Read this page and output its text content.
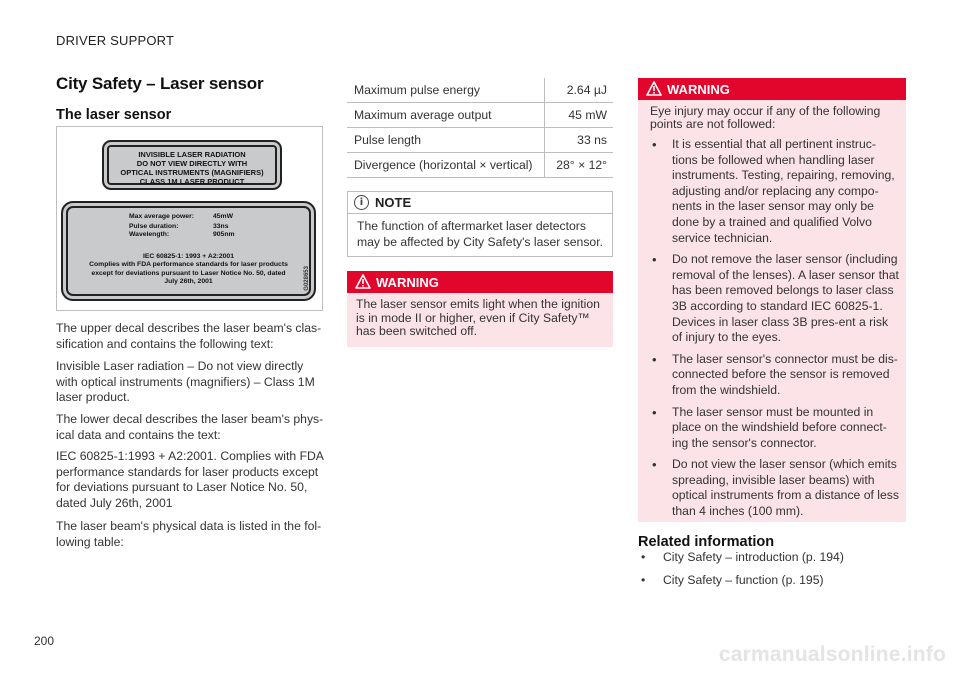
DRIVER SUPPORT
City Safety – Laser sensor
The laser sensor
INVISIBLE LASER RADIATION
DO NOT VIEW DIRECTLY WITH
OPTICAL INSTRUMENTS (MAGNIFIERS)
CLASS 1M LASER PRODUCT
Max average power:	45mW
Pulse duration:	33ns
Wavelength:	905nm
IEC 60825-1: 1993 + A2:2001
Complies with FDA performance standards for laser products
except for deviations pursuant to Laser Notice No. 50, dated
July 26th, 2001	G028653
The upper decal describes the laser beam's clas-sification and contains the following text:
Invisible Laser radiation – Do not view directly with optical instruments (magnifiers) – Class 1M laser product.
The lower decal describes the laser beam's phys-ical data and contains the text:
IEC 60825-1:1993 + A2:2001. Complies with FDA performance standards for laser products except for deviations pursuant to Laser Notice No. 50, dated July 26th, 2001
The laser beam's physical data is listed in the fol-lowing table:
Maximum pulse energy	2.64 µJ
Maximum average output	45 mW
Pulse length	33 ns
Divergence (horizontal × vertical)	28° × 12°
i NOTE
The function of aftermarket laser detectors may be affected by City Safety's laser sensor.
WARNING
The laser sensor emits light when the ignition is in mode II or higher, even if City Safety™ has been switched off.
WARNING
Eye injury may occur if any of the following points are not followed:
• It is essential that all pertinent instruc-tions be followed when handling laser instruments. Testing, repairing, removing, adjusting and/or replacing any compo-nents in the laser sensor may only be done by a trained and qualified Volvo service technician.
• Do not remove the laser sensor (including removal of the lenses). A laser sensor that has been removed belongs to laser class 3B according to standard IEC 60825-1. Devices in laser class 3B pres-ent a risk of injury to the eyes.
• The laser sensor's connector must be dis-connected before the sensor is removed from the windshield.
• The laser sensor must be mounted in place on the windshield before connect-ing the sensor's connector.
• Do not view the laser sensor (which emits spreading, invisible laser beams) with optical instruments from a distance of less than 4 inches (100 mm).
Related information
• City Safety – introduction (p. 194)
• City Safety – function (p. 195)
200
carmanualsonline.info
